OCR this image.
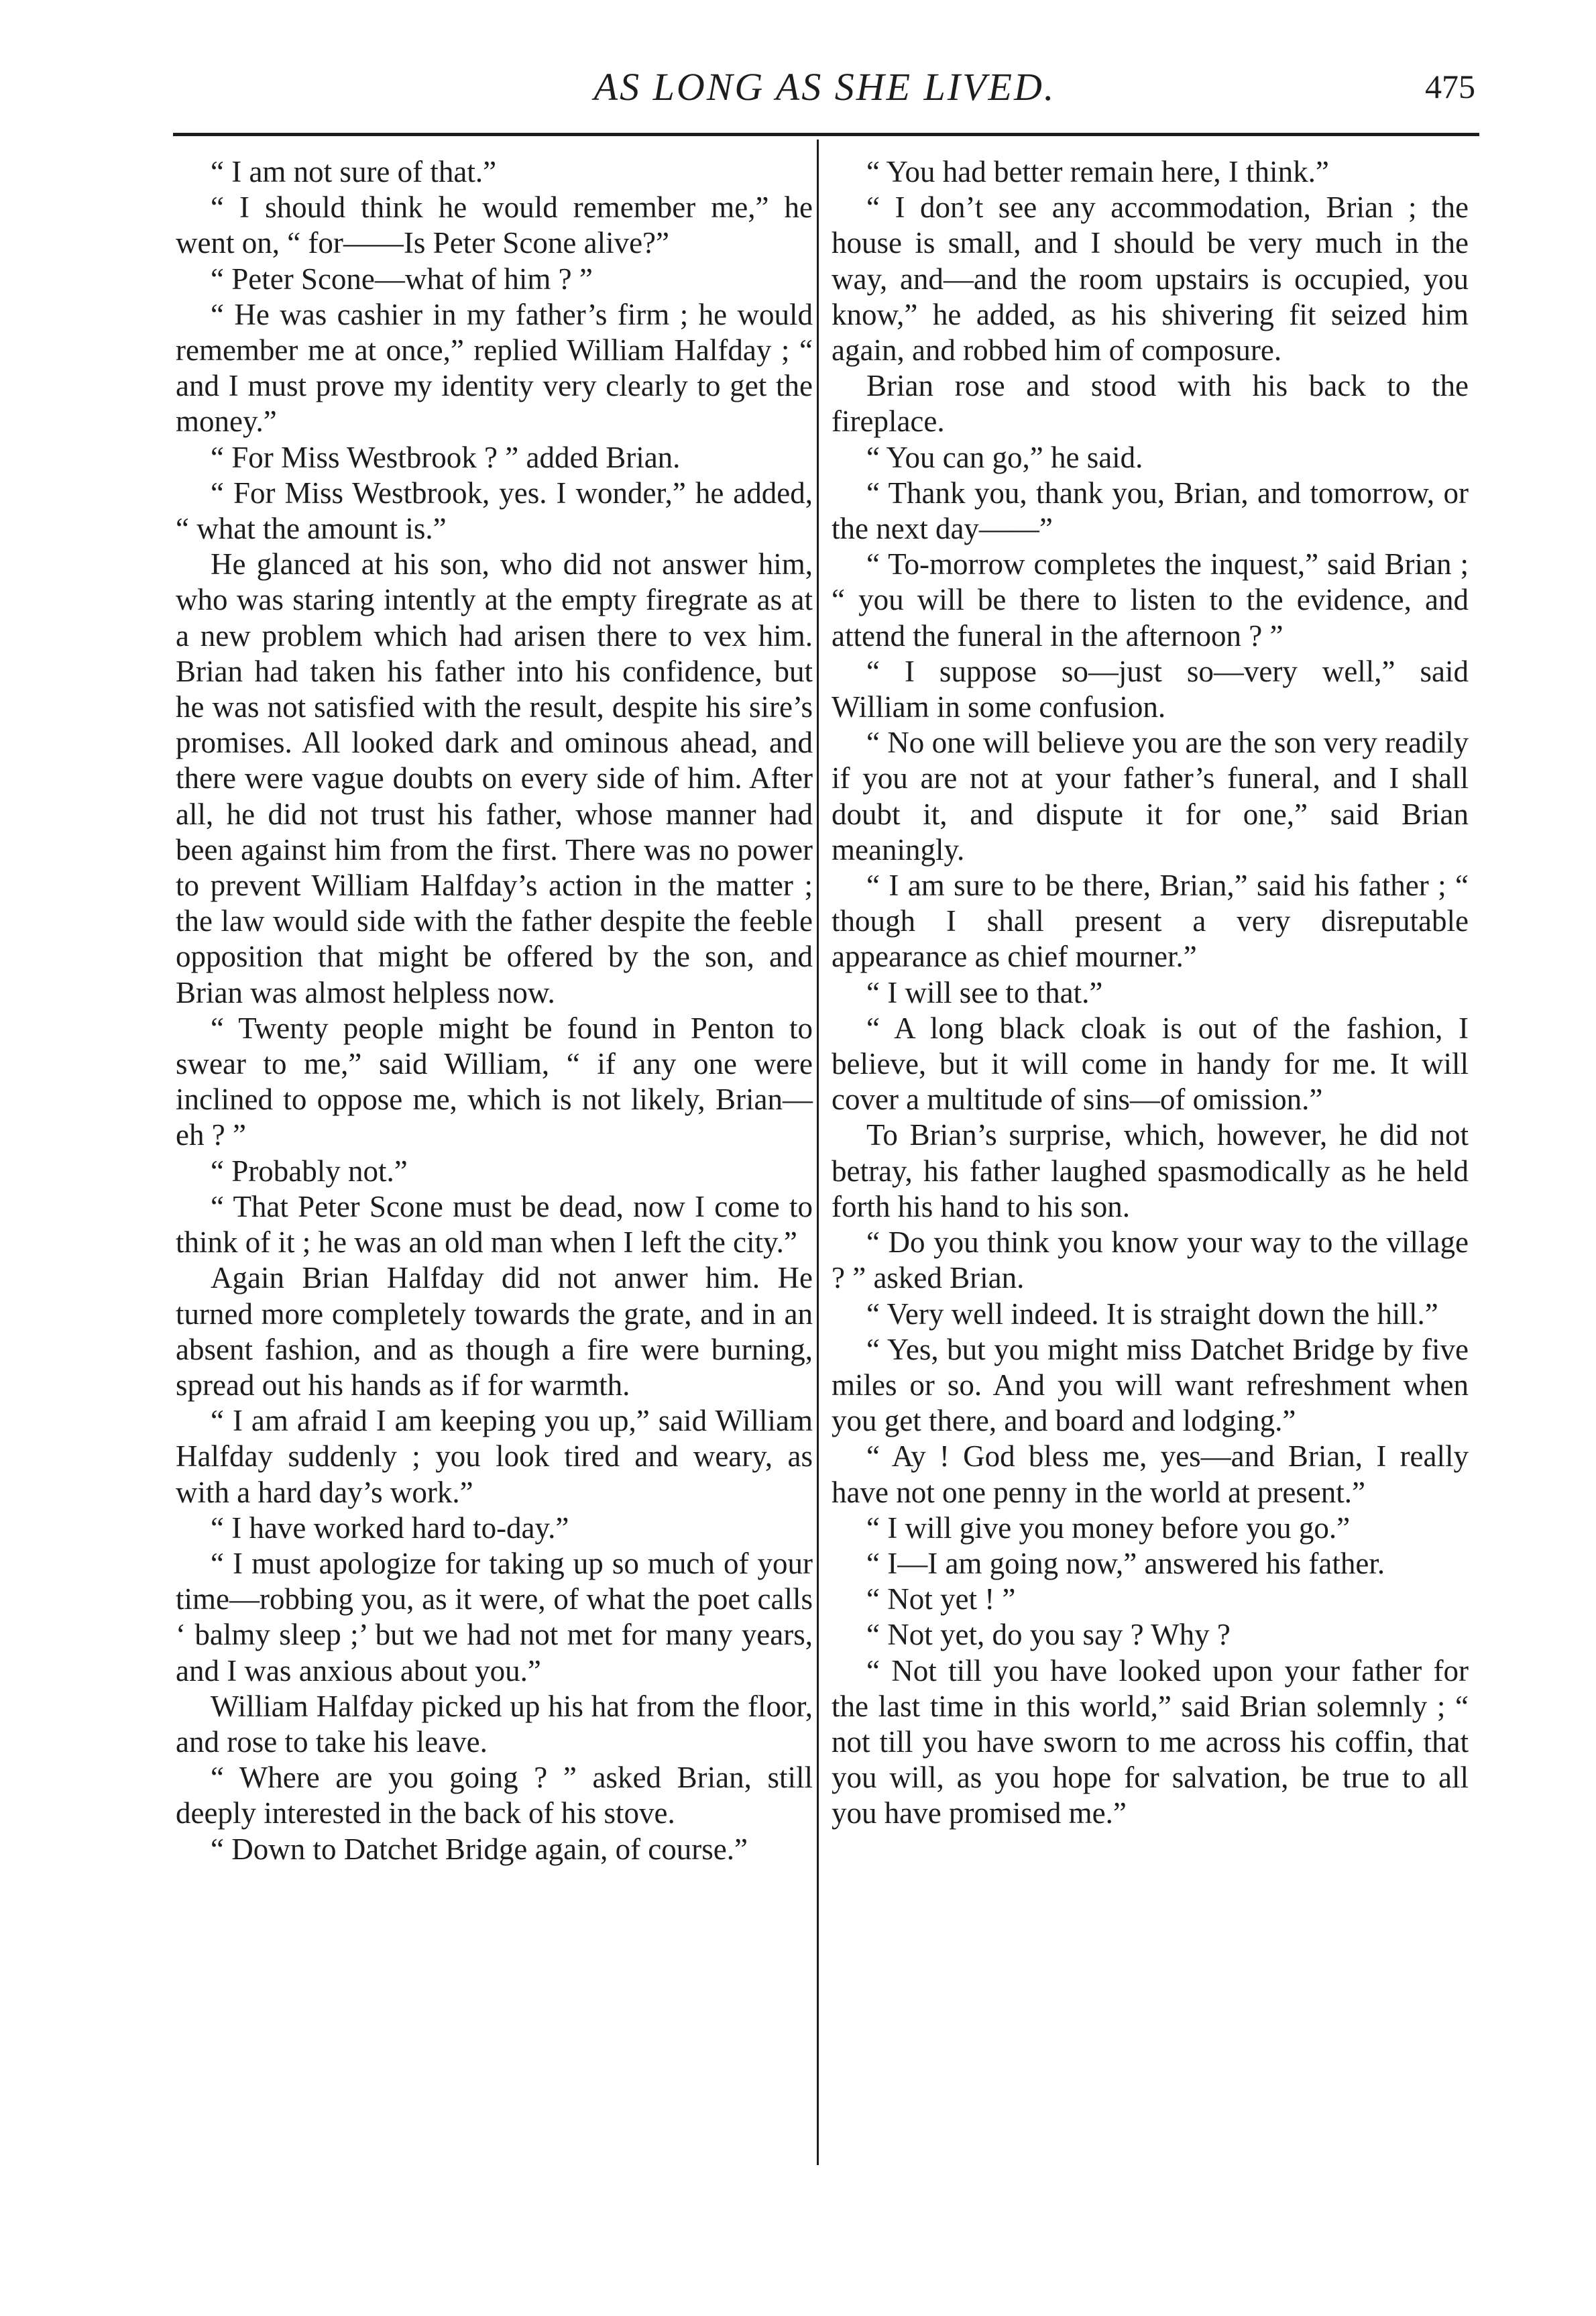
AS LONG AS SHE LIVED.	475

“ I am not sure of that.”

“ I should think he would remember me,” he went on, “ for——Is Peter Scone alive?”

“ Peter Scone—what of him ? ”

“ He was cashier in my father’s firm ; he would remember me at once,” replied William Halfday ; “ and I must prove my identity very clearly to get the money.”

“ For Miss Westbrook ? ” added Brian.

“ For Miss Westbrook, yes. I wonder,” he added, “ what the amount is.”

He glanced at his son, who did not answer him, who was staring intently at the empty firegrate as at a new problem which had arisen there to vex him. Brian had taken his father into his confidence, but he was not satisfied with the result, despite his sire’s promises. All looked dark and ominous ahead, and there were vague doubts on every side of him. After all, he did not trust his father, whose manner had been against him from the first. There was no power to prevent William Halfday’s action in the matter ; the law would side with the father despite the feeble opposition that might be offered by the son, and Brian was almost helpless now.

“ Twenty people might be found in Penton to swear to me,” said William, “ if any one were inclined to oppose me, which is not likely, Brian—eh ? ”

“ Probably not.”

“ That Peter Scone must be dead, now I come to think of it ; he was an old man when I left the city.”

Again Brian Halfday did not anwer him. He turned more completely towards the grate, and in an absent fashion, and as though a fire were burning, spread out his hands as if for warmth.

“ I am afraid I am keeping you up,” said William Halfday suddenly ; you look tired and weary, as with a hard day’s work.”

“ I have worked hard to-day.”

“ I must apologize for taking up so much of your time—robbing you, as it were, of what the poet calls ‘ balmy sleep ;’ but we had not met for many years, and I was anxious about you.”

William Halfday picked up his hat from the floor, and rose to take his leave.

“ Where are you going ? ” asked Brian, still deeply interested in the back of his stove.

“ Down to Datchet Bridge again, of course.”

“ You had better remain here, I think.”

“ I don’t see any accommodation, Brian ; the house is small, and I should be very much in the way, and—and the room upstairs is occupied, you know,” he added, as his shivering fit seized him again, and robbed him of composure.

Brian rose and stood with his back to the fireplace.

“ You can go,” he said.

“ Thank you, thank you, Brian, and tomorrow, or the next day——”

“ To-morrow completes the inquest,” said Brian ; “ you will be there to listen to the evidence, and attend the funeral in the afternoon ? ”

“ I suppose so—just so—very well,” said William in some confusion.

“ No one will believe you are the son very readily if you are not at your father’s funeral, and I shall doubt it, and dispute it for one,” said Brian meaningly.

“ I am sure to be there, Brian,” said his father ; “ though I shall present a very disreputable appearance as chief mourner.”

“ I will see to that.”

“ A long black cloak is out of the fashion, I believe, but it will come in handy for me. It will cover a multitude of sins—of omission.”

To Brian’s surprise, which, however, he did not betray, his father laughed spasmodically as he held forth his hand to his son.

“ Do you think you know your way to the village ? ” asked Brian.

“ Very well indeed. It is straight down the hill.”

“ Yes, but you might miss Datchet Bridge by five miles or so. And you will want refreshment when you get there, and board and lodging.”

“ Ay ! God bless me, yes—and Brian, I really have not one penny in the world at present.”

“ I will give you money before you go.”

“ I—I am going now,” answered his father.

“ Not yet ! ”

“ Not yet, do you say ? Why ?

“ Not till you have looked upon your father for the last time in this world,” said Brian solemnly ; “ not till you have sworn to me across his coffin, that you will, as you hope for salvation, be true to all you have promised me.”
